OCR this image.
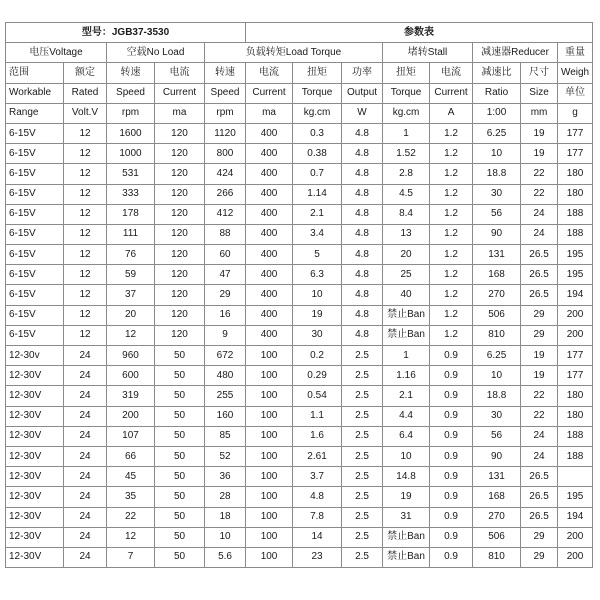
型号：JGB37-3530					参数表							
电压Voltage		空载No Load		负载转矩Load Torque				堵转Stall		减速器Reducer		重量
范围	额定	转速	电流	转速	电流	扭矩	功率	扭矩	电流	减速比	尺寸	Weigh
Workable	Rated	Speed	Current	Speed	Current	Torque	Output	Torque	Current	Ratio	Size	单位
Range	Volt.V	rpm	ma	rpm	ma	kg.cm	W	kg.cm	A	1:00	mm	g
6-15V	12	1600	120	1120	400	0.3	4.8	1	1.2	6.25	19	177
6-15V	12	1000	120	800	400	0.38	4.8	1.52	1.2	10	19	177
6-15V	12	531	120	424	400	0.7	4.8	2.8	1.2	18.8	22	180
6-15V	12	333	120	266	400	1.14	4.8	4.5	1.2	30	22	180
6-15V	12	178	120	412	400	2.1	4.8	8.4	1.2	56	24	188
6-15V	12	111	120	88	400	3.4	4.8	13	1.2	90	24	188
6-15V	12	76	120	60	400	5	4.8	20	1.2	131	26.5	195
6-15V	12	59	120	47	400	6.3	4.8	25	1.2	168	26.5	195
6-15V	12	37	120	29	400	10	4.8	40	1.2	270	26.5	194
6-15V	12	20	120	16	400	19	4.8	禁止Ban	1.2	506	29	200
6-15V	12	12	120	9	400	30	4.8	禁止Ban	1.2	810	29	200
12-30v	24	960	50	672	100	0.2	2.5	1	0.9	6.25	19	177
12-30V	24	600	50	480	100	0.29	2.5	1.16	0.9	10	19	177
12-30V	24	319	50	255	100	0.54	2.5	2.1	0.9	18.8	22	180
12-30V	24	200	50	160	100	1.1	2.5	4.4	0.9	30	22	180
12-30V	24	107	50	85	100	1.6	2.5	6.4	0.9	56	24	188
12-30V	24	66	50	52	100	2.61	2.5	10	0.9	90	24	188
12-30V	24	45	50	36	100	3.7	2.5	14.8	0.9	131	26.5	
12-30V	24	35	50	28	100	4.8	2.5	19	0.9	168	26.5	195
12-30V	24	22	50	18	100	7.8	2.5	31	0.9	270	26.5	194
12-30V	24	12	50	10	100	14	2.5	禁止Ban	0.9	506	29	200
12-30V	24	7	50	5.6	100	23	2.5	禁止Ban	0.9	810	29	200
